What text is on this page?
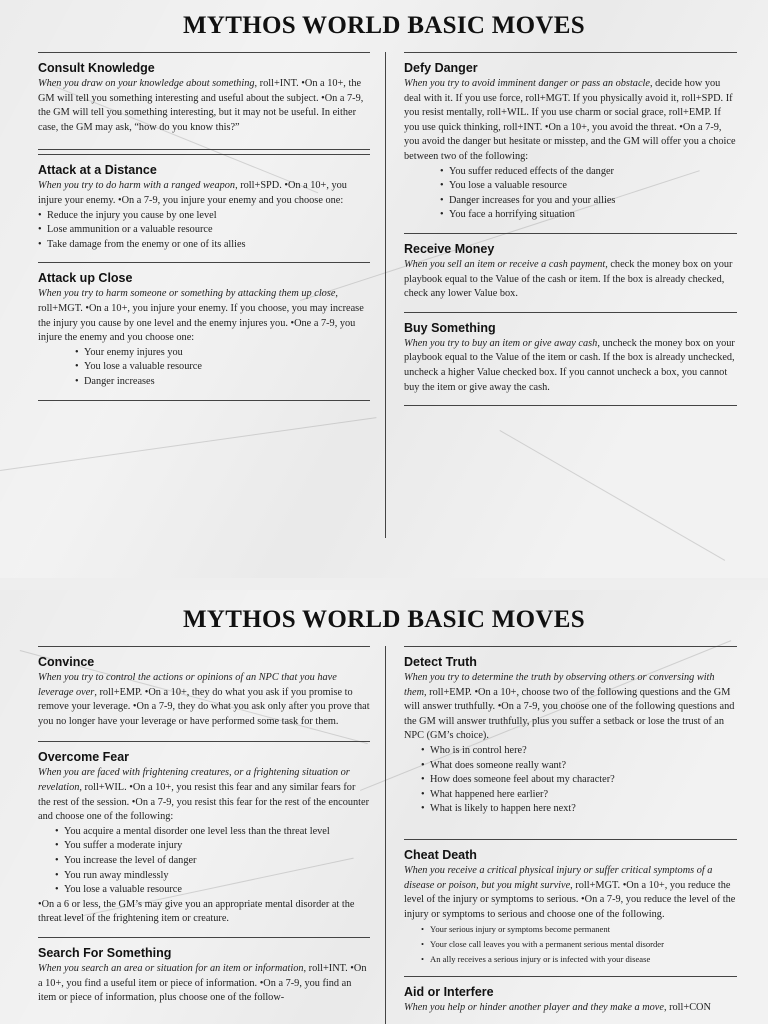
MYTHOS WORLD BASIC MOVES
Consult Knowledge

When you draw on your knowledge about something, roll+INT. •On a 10+, the GM will tell you something interesting and useful about the subject. •On a 7-9, the GM will tell you something interesting, but it may not be useful. In either case, the GM may ask, “how do you know this?”

Attack at a Distance

When you try to do harm with a ranged weapon, roll+SPD. •On a 10+, you injure your enemy. •On a 7-9, you injure your enemy and you choose one:

• Reduce the injury you cause by one level
• Lose ammunition or a valuable resource
• Take damage from the enemy or one of its allies
Attack up Close

When you try to harm someone or something by attacking them up close, roll+MGT. •On a 10+, you injure your enemy. If you choose, you may increase the injury you cause by one level and the enemy injures you. •One a 7-9, you injure the enemy and you choose one:

• Your enemy injures you
• You lose a valuable resource
• Danger increases
Defy Danger

When you try to avoid imminent danger or pass an obstacle, decide how you deal with it. If you use force, roll+MGT. If you physically avoid it, roll+SPD. If you resist mentally, roll+WIL. If you use charm or social grace, roll+EMP. If you use quick thinking, roll+INT. •On a 10+, you avoid the threat. •On a 7-9, you avoid the danger but hesitate or misstep, and the GM will offer you a choice between two of the following:

• You suffer reduced effects of the danger
• You lose a valuable resource
• Danger increases for you and your allies
• You face a horrifying situation
Receive Money

When you sell an item or receive a cash payment, check the money box on your playbook equal to the Value of the cash or item. If the box is already checked, check any lower Value box.

Buy Something

When you try to buy an item or give away cash, uncheck the money box on your playbook equal to the Value of the item or cash. If the box is already unchecked, uncheck a higher Value checked box. If you cannot uncheck a box, you cannot buy the item or give away the cash.

MYTHOS WORLD BASIC MOVES
Convince

When you try to control the actions or opinions of an NPC that you have leverage over, roll+EMP. •On a 10+, they do what you ask if you promise to remove your leverage. •On a 7-9, they do what you ask only after you prove that you no longer have your leverage or have performed some task for them.

Overcome Fear

When you are faced with frightening creatures, or a frightening situation or revelation, roll+WIL. •On a 10+, you resist this fear and any similar fears for the rest of the session. •On a 7-9, you resist this fear for the rest of the encounter and choose one of the following:

• You acquire a mental disorder one level less than the threat level
• You suffer a moderate injury
• You increase the level of danger
• You run away mindlessly
• You lose a valuable resource

•On a 6 or less, the GM’s may give you an appropriate mental disorder at the threat level of the frightening item or creature.

Search For Something

When you search an area or situation for an item or information, roll+INT. •On a 10+, you find a useful item or piece of information. •On a 7-9, you find an item or piece of information, plus choose one of the follow-

Detect Truth

When you try to determine the truth by observing others or conversing with them, roll+EMP. •On a 10+, choose two of the following questions and the GM will answer truthfully. •On a 7-9, you choose one of the following questions and the GM will answer truthfully, plus you suffer a setback or lose the trust of an NPC (GM’s choice).

• Who is in control here?
• What does someone really want?
• How does someone feel about my character?
• What happened here earlier?
• What is likely to happen here next?
Cheat Death

When you receive a critical physical injury or suffer critical symptoms of a disease or poison, but you might survive, roll+MGT. •On a 10+, you reduce the level of the injury or symptoms to serious. •On a 7-9, you reduce the level of the injury or symptoms to serious and choose one of the following.

• Your serious injury or symptoms become permanent
• Your close call leaves you with a permanent serious mental disorder
• An ally receives a serious injury or is infected with your disease
Aid or Interfere

When you help or hinder another player and they make a move, roll+CON
